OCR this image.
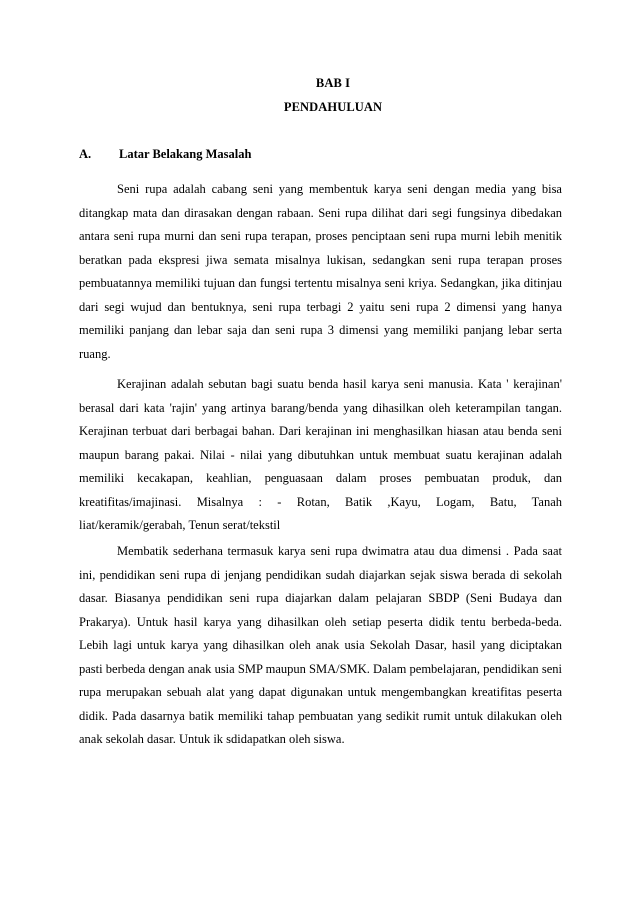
BAB I
PENDAHULUAN
A. Latar Belakang Masalah

Seni rupa adalah cabang seni yang membentuk karya seni dengan media yang bisa ditangkap mata dan dirasakan dengan rabaan. Seni rupa dilihat dari segi fungsinya dibedakan antara seni rupa murni dan seni rupa terapan, proses penciptaan seni rupa murni lebih menitik beratkan pada ekspresi jiwa semata misalnya lukisan, sedangkan seni rupa terapan proses pembuatannya memiliki tujuan dan fungsi tertentu misalnya seni kriya. Sedangkan, jika ditinjau dari segi wujud dan bentuknya, seni rupa terbagi 2 yaitu seni rupa 2 dimensi yang hanya memiliki panjang dan lebar saja dan seni rupa 3 dimensi yang memiliki panjang lebar serta ruang.

Kerajinan adalah sebutan bagi suatu benda hasil karya seni manusia. Kata ' kerajinan' berasal dari kata 'rajin' yang artinya barang/benda yang dihasilkan oleh keterampilan tangan. Kerajinan terbuat dari berbagai bahan. Dari kerajinan ini menghasilkan hiasan atau benda seni maupun barang pakai. Nilai - nilai yang dibutuhkan untuk membuat suatu kerajinan adalah memiliki kecakapan, keahlian, penguasaan dalam proses pembuatan produk, dan kreatifitas/imajinasi. Misalnya : - Rotan, Batik ,Kayu, Logam, Batu, Tanah liat/keramik/gerabah, Tenun serat/tekstil

Membatik sederhana termasuk karya seni rupa dwimatra atau dua dimensi . Pada saat ini, pendidikan seni rupa di jenjang pendidikan sudah diajarkan sejak siswa berada di sekolah dasar. Biasanya pendidikan seni rupa diajarkan dalam pelajaran SBDP (Seni Budaya dan Prakarya). Untuk hasil karya yang dihasilkan oleh setiap peserta didik tentu berbeda-beda. Lebih lagi untuk karya yang dihasilkan oleh anak usia Sekolah Dasar, hasil yang diciptakan pasti berbeda dengan anak usia SMP maupun SMA/SMK. Dalam pembelajaran, pendidikan seni rupa merupakan sebuah alat yang dapat digunakan untuk mengembangkan kreatifitas peserta didik. Pada dasarnya batik memiliki tahap pembuatan yang sedikit rumit untuk dilakukan oleh anak sekolah dasar. Untuk ik sdidapatkan oleh siswa.
